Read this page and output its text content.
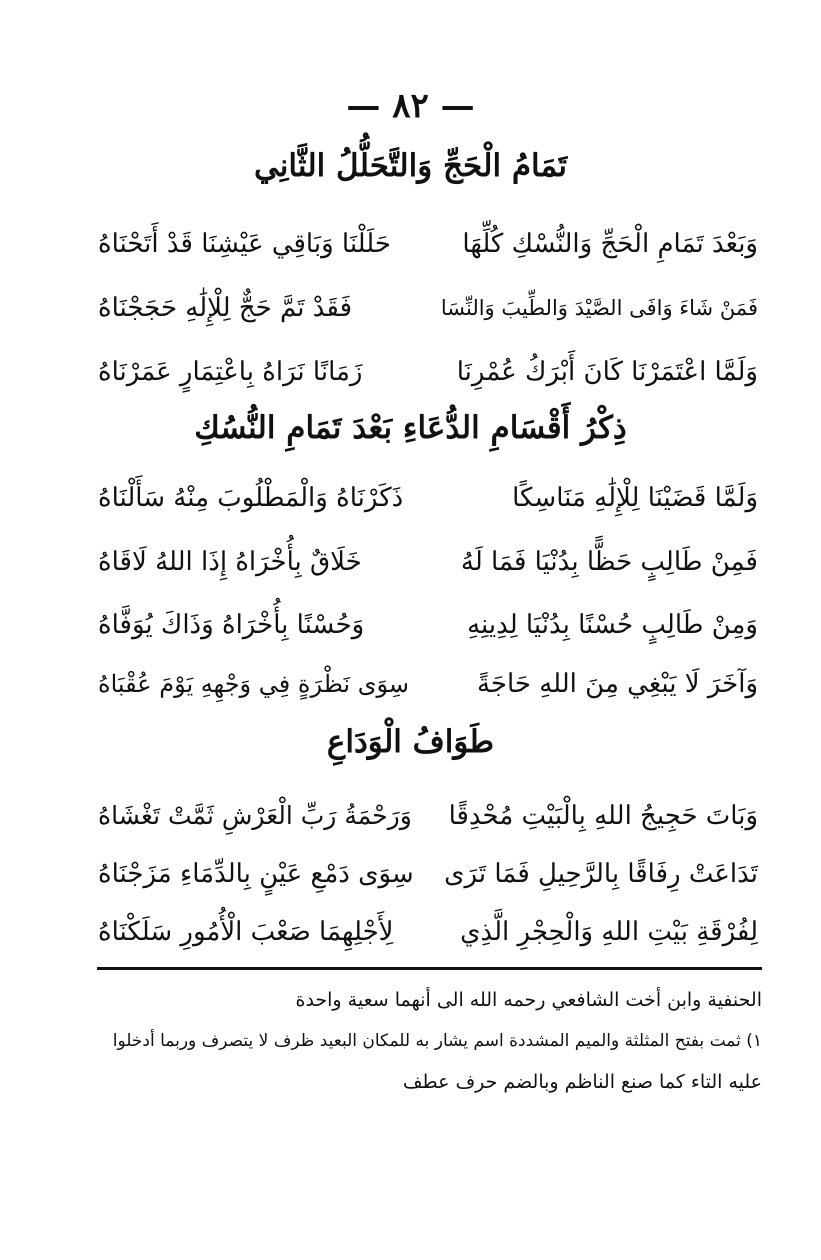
— ٨٢ —
تَمَامُ الْحَجِّ وَالتَّحَلُّلُ الثَّانِي
وَبَعْدَ تَمَامِ الْحَجِّ وَالنُّسْكِ كُلِّهَا
حَلَلْنَا وَبَاقِي عَيْشِنَا قَدْ أَتَحْنَاهُ
فَمَنْ شَاءَ وَافَى الصَّيْدَ وَالطِّيبَ وَالنِّسَا
فَقَدْ تَمَّ حَجٌّ لِلْإِلَٰهِ حَجَجْنَاهُ
وَلَمَّا اعْتَمَرْنَا كَانَ أَبْرَكُ عُمْرِنَا
زَمَانًا نَرَاهُ بِاعْتِمَارٍ عَمَرْنَاهُ
ذِكْرُ أَقْسَامِ الدُّعَاءِ بَعْدَ تَمَامِ النُّسُكِ
وَلَمَّا قَضَيْنَا لِلْإِلَٰهِ مَنَاسِكًا
ذَكَرْنَاهُ وَالْمَطْلُوبَ مِنْهُ سَأَلْنَاهُ
فَمِنْ طَالِبٍ حَظًّا بِدُنْيَا فَمَا لَهُ
خَلَاقٌ بِأُخْرَاهُ إِذَا اللهُ لَاقَاهُ
وَمِنْ طَالِبٍ حُسْنًا بِدُنْيَا لِدِينِهِ
وَحُسْنًا بِأُخْرَاهُ وَذَاكَ يُوَفَّاهُ
وَآخَرَ لَا يَبْغِي مِنَ اللهِ حَاجَةً
سِوَى نَظْرَةٍ فِي وَجْهِهِ يَوْمَ عُقْبَاهُ
طَوَافُ الْوَدَاعِ
وَبَاتَ حَجِيجُ اللهِ بِالْبَيْتِ مُحْدِقًا
وَرَحْمَةُ رَبِّ الْعَرْشِ ثَمَّتْ تَغْشَاهُ
تَدَاعَتْ رِفَاقًا بِالرَّحِيلِ فَمَا تَرَى
سِوَى دَمْعِ عَيْنٍ بِالدِّمَاءِ مَزَجْنَاهُ
لِفُرْقَةِ بَيْتِ اللهِ وَالْحِجْرِ الَّذِي
لِأَجْلِهِمَا صَعْبَ الْأُمُورِ سَلَكْنَاهُ
الحنفية وابن أخت الشافعي رحمه الله الى أنهما سعية واحدة
١) ثمت بفتح المثلثة والميم المشددة اسم يشار به للمكان البعيد ظرف لا يتصرف وربما أدخلوا
عليه التاء كما صنع الناظم وبالضم حرف عطف
